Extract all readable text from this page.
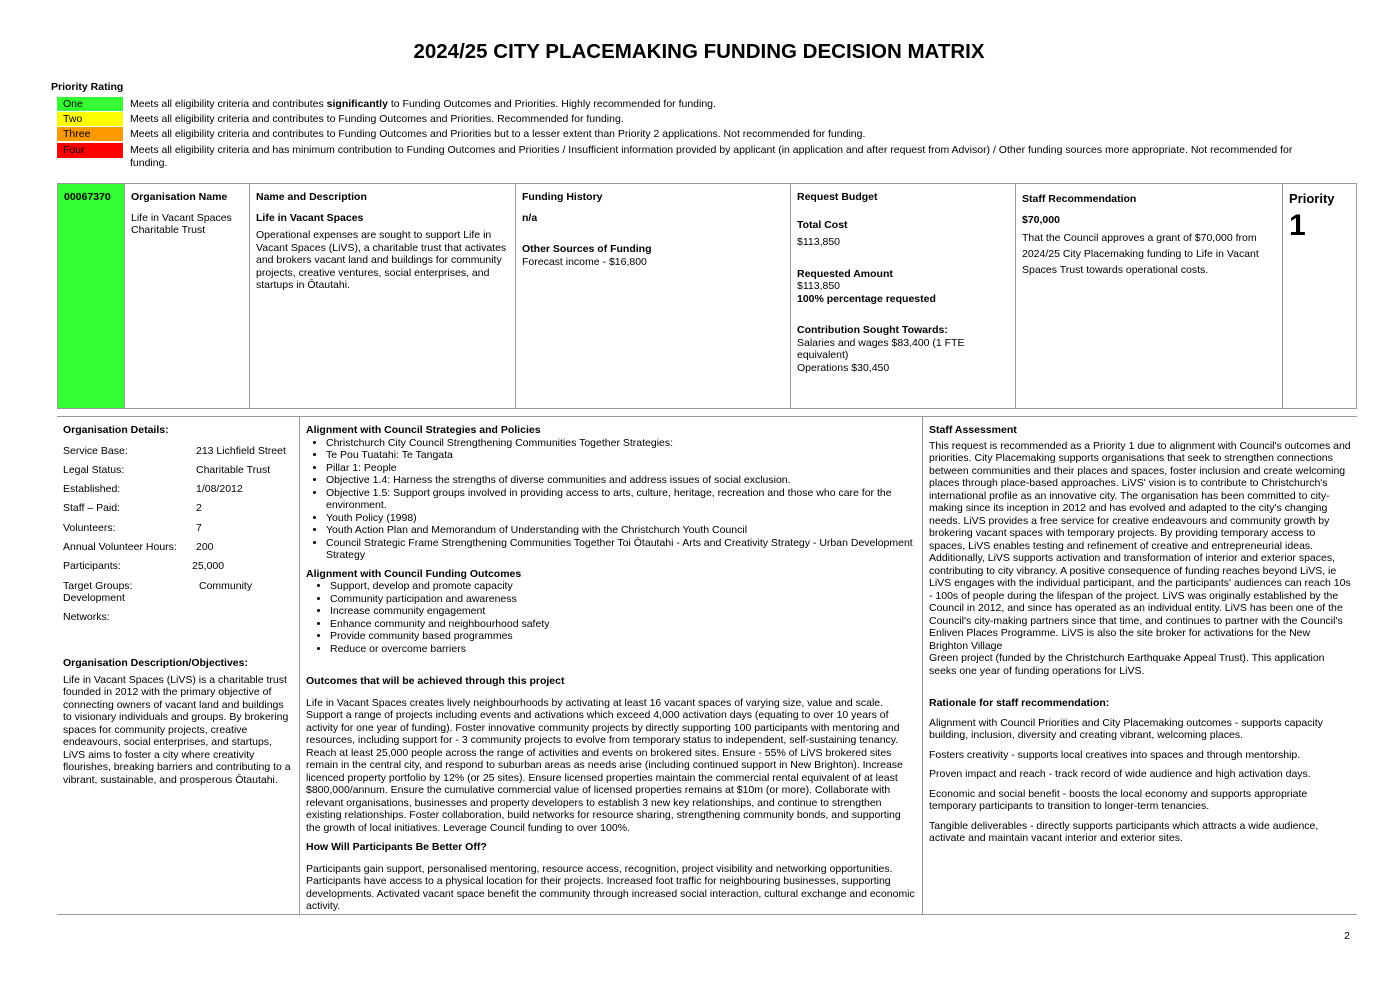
2024/25 CITY PLACEMAKING FUNDING DECISION MATRIX
Priority Rating
One	Meets all eligibility criteria and contributes significantly to Funding Outcomes and Priorities. Highly recommended for funding.
Two	Meets all eligibility criteria and contributes to Funding Outcomes and Priorities. Recommended for funding.
Three	Meets all eligibility criteria and contributes to Funding Outcomes and Priorities but to a lesser extent than Priority 2 applications. Not recommended for funding.
Four	Meets all eligibility criteria and has minimum contribution to Funding Outcomes and Priorities / Insufficient information provided by applicant (in application and after request from Advisor) / Other funding sources more appropriate. Not recommended for funding.
00067370	Organisation Name
Life in Vacant Spaces Charitable Trust
Name and Description
Life in Vacant Spaces
Operational expenses are sought to support Life in Vacant Spaces (LiVS), a charitable trust that activates and brokers vacant land and buildings for community projects, creative ventures, social enterprises, and startups in Ōtautahi.
Funding History
n/a
Other Sources of Funding
Forecast income - $16,800
Request Budget
Total Cost
$113,850
Requested Amount
$113,850
100% percentage requested
Contribution Sought Towards:
Salaries and wages $83,400 (1 FTE equivalent)
Operations $30,450
Staff Recommendation
$70,000
That the Council approves a grant of $70,000 from 2024/25 City Placemaking funding to Life in Vacant Spaces Trust towards operational costs.
Priority
1
Organisation Details:
Service Base:	213 Lichfield Street
Legal Status:	Charitable Trust
Established:	1/08/2012
Staff – Paid:	2
Volunteers:	7
Annual Volunteer Hours:	200
Participants:	25,000
Target Groups:	Community
Development
Networks:
Organisation Description/Objectives:
Life in Vacant Spaces (LiVS) is a charitable trust founded in 2012 with the primary objective of connecting owners of vacant land and buildings to visionary individuals and groups. By brokering spaces for community projects, creative endeavours, social enterprises, and startups, LiVS aims to foster a city where creativity flourishes, breaking barriers and contributing to a vibrant, sustainable, and prosperous Ōtautahi.
Alignment with Council Strategies and Policies
• Christchurch City Council Strengthening Communities Together Strategies:
• Te Pou Tuatahi: Te Tangata
• Pillar 1: People
• Objective 1.4: Harness the strengths of diverse communities and address issues of social exclusion.
• Objective 1.5: Support groups involved in providing access to arts, culture, heritage, recreation and those who care for the environment.
• Youth Policy (1998)
• Youth Action Plan and Memorandum of Understanding with the Christchurch Youth Council
• Council Strategic Frame Strengthening Communities Together Toi Ōtautahi - Arts and Creativity Strategy - Urban Development Strategy
Alignment with Council Funding Outcomes
• Support, develop and promote capacity
• Community participation and awareness
• Increase community engagement
• Enhance community and neighbourhood safety
• Provide community based programmes
• Reduce or overcome barriers
Outcomes that will be achieved through this project

Life in Vacant Spaces creates lively neighbourhoods by activating at least 16 vacant spaces of varying size, value and scale. Support a range of projects including events and activations which exceed 4,000 activation days (equating to over 10 years of activity for one year of funding). Foster innovative community projects by directly supporting 100 participants with mentoring and resources, including support for - 3 community projects to evolve from temporary status to independent, self-sustaining tenancy. Reach at least 25,000 people across the range of activities and events on brokered sites. Ensure - 55% of LiVS brokered sites remain in the central city, and respond to suburban areas as needs arise (including continued support in New Brighton). Increase licenced property portfolio by 12% (or 25 sites). Ensure licensed properties maintain the commercial rental equivalent of at least $800,000/annum. Ensure the cumulative commercial value of licensed properties remains at $10m (or more). Collaborate with relevant organisations, businesses and property developers to establish 3 new key relationships, and continue to strengthen existing relationships. Foster collaboration, build networks for resource sharing, strengthening community bonds, and supporting the growth of local initiatives. Leverage Council funding to over 100%.

How Will Participants Be Better Off?

Participants gain support, personalised mentoring, resource access, recognition, project visibility and networking opportunities. Participants have access to a physical location for their projects. Increased foot traffic for neighbouring businesses, supporting developments. Activated vacant space benefit the community through increased social interaction, cultural exchange and economic activity.

Staff Assessment

This request is recommended as a Priority 1 due to alignment with Council's outcomes and priorities. City Placemaking supports organisations that seek to strengthen connections between communities and their places and spaces, foster inclusion and create welcoming places through place-based approaches. LiVS' vision is to contribute to Christchurch's international profile as an innovative city. The organisation has been committed to city-making since its inception in 2012 and has evolved and adapted to the city's changing needs. LiVS provides a free service for creative endeavours and community growth by brokering vacant spaces with temporary projects. By providing temporary access to spaces, LiVS enables testing and refinement of creative and entrepreneurial ideas. Additionally, LiVS supports activation and transformation of interior and exterior spaces, contributing to city vibrancy. A positive consequence of funding reaches beyond LiVS, ie LiVS engages with the individual participant, and the participants' audiences can reach 10s - 100s of people during the lifespan of the project. LiVS was originally established by the Council in 2012, and since has operated as an individual entity. LiVS has been one of the Council's city-making partners since that time, and continues to partner with the Council's Enliven Places Programme. LiVS is also the site broker for activations for the New Brighton Village

Green project (funded by the Christchurch Earthquake Appeal Trust). This application seeks one year of funding operations for LiVS.

Rationale for staff recommendation:

Alignment with Council Priorities and City Placemaking outcomes - supports capacity building, inclusion, diversity and creating vibrant, welcoming places.

Fosters creativity - supports local creatives into spaces and through mentorship.

Proven impact and reach - track record of wide audience and high activation days.

Economic and social benefit - boosts the local economy and supports appropriate temporary participants to transition to longer-term tenancies.

Tangible deliverables - directly supports participants which attracts a wide audience, activate and maintain vacant interior and exterior sites.

2
